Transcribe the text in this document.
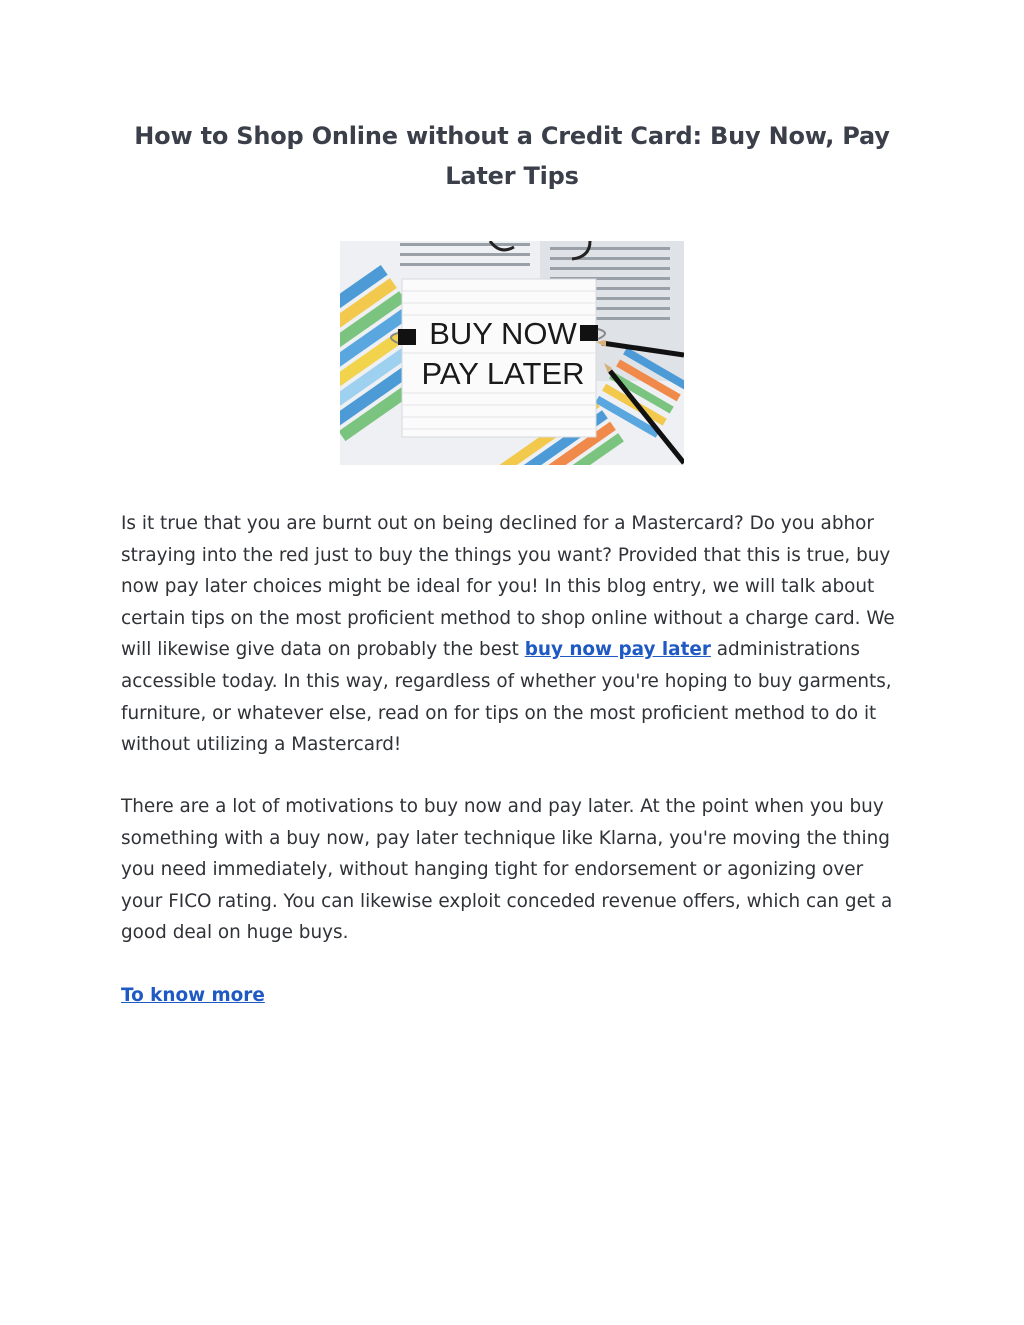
How to Shop Online without a Credit Card: Buy Now, Pay Later Tips
BUY NOW
PAY LATER

Is it true that you are burnt out on being declined for a Mastercard? Do you abhor straying into the red just to buy the things you want? Provided that this is true, buy now pay later choices might be ideal for you! In this blog entry, we will talk about certain tips on the most proficient method to shop online without a charge card. We will likewise give data on probably the best buy now pay later administrations accessible today. In this way, regardless of whether you're hoping to buy garments, furniture, or whatever else, read on for tips on the most proficient method to do it without utilizing a Mastercard!

There are a lot of motivations to buy now and pay later. At the point when you buy something with a buy now, pay later technique like Klarna, you're moving the thing you need immediately, without hanging tight for endorsement or agonizing over your FICO rating. You can likewise exploit conceded revenue offers, which can get a good deal on huge buys.

To know more
